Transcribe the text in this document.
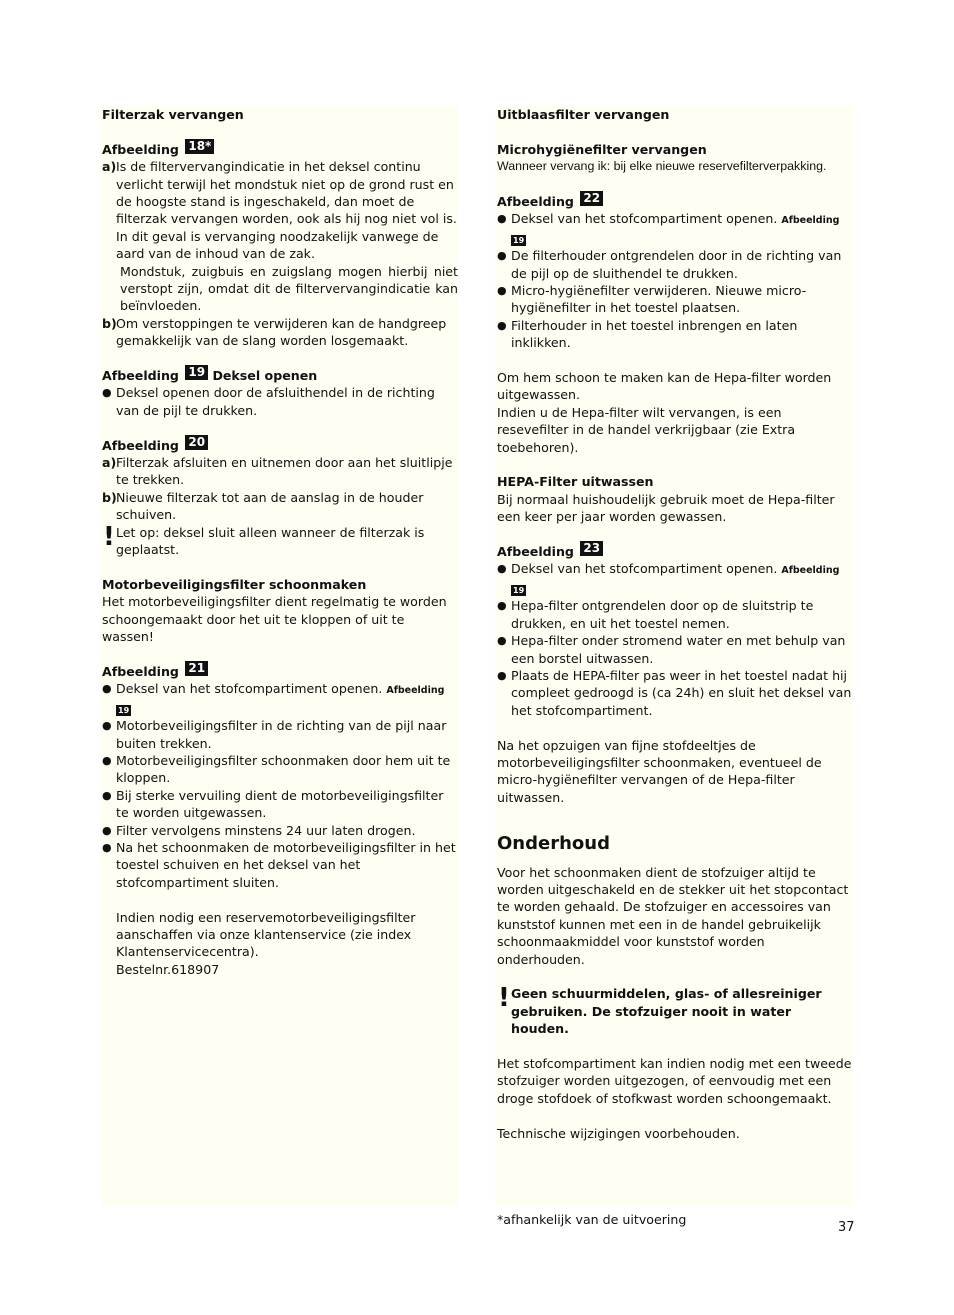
Filterzak vervangen

Afbeelding 18*

a) Is de filtervervangindicatie in het deksel continu verlicht terwijl het mondstuk niet op de grond rust en de hoogste stand is ingeschakeld, dan moet de filterzak vervangen worden, ook als hij nog niet vol is. In dit geval is vervanging noodzakelijk vanwege de aard van de inhoud van de zak.

Mondstuk, zuigbuis en zuigslang mogen hierbij niet verstopt zijn, omdat dit de filtervervangindicatie kan beïnvloeden.

b) Om verstoppingen te verwijderen kan de handgreep gemakkelijk van de slang worden losgemaakt.

Afbeelding 19 Deksel openen

● Deksel openen door de afsluithendel in de richting van de pijl te drukken.

Afbeelding 20

a) Filterzak afsluiten en uitnemen door aan het sluitlipje te trekken.
b) Nieuwe filterzak tot aan de aanslag in de houder schuiven.
! Let op: deksel sluit alleen wanneer de filterzak is geplaatst.

Motorbeveiligingsfilter schoonmaken

Het motorbeveiligingsfilter dient regelmatig te worden schoongemaakt door het uit te kloppen of uit te wassen!

Afbeelding 21

● Deksel van het stofcompartiment openen. Afbeelding
19
● Motorbeveiligingsfilter in de richting van de pijl naar buiten trekken.
● Motorbeveiligingsfilter schoonmaken door hem uit te kloppen.
● Bij sterke vervuiling dient de motorbeveiligingsfilter te worden uitgewassen.
● Filter vervolgens minstens 24 uur laten drogen.
● Na het schoonmaken de motorbeveiligingsfilter in het toestel schuiven en het deksel van het stofcompartiment sluiten.

Indien nodig een reservemotorbeveiligingsfilter aanschaffen via onze klantenservice (zie index Klantenservicecentra).

Bestelnr.618907

Uitblaasfilter vervangen

Microhygiënefilter vervangen

Wanneer vervang ik: bij elke nieuwe reservefilterverpakking.

Afbeelding 22

● Deksel van het stofcompartiment openen. Afbeelding
19
● De filterhouder ontgrendelen door in de richting van de pijl op de sluithendel te drukken.
● Micro-hygiënefilter verwijderen. Nieuwe micro-hygiënefilter in het toestel plaatsen.
● Filterhouder in het toestel inbrengen en laten inklikken.

Om hem schoon te maken kan de Hepa-filter worden uitgewassen.

Indien u de Hepa-filter wilt vervangen, is een resevefilter in de handel verkrijgbaar (zie Extra toebehoren).

HEPA-Filter uitwassen

Bij normaal huishoudelijk gebruik moet de Hepa-filter een keer per jaar worden gewassen.

Afbeelding 23

● Deksel van het stofcompartiment openen. Afbeelding
19
● Hepa-filter ontgrendelen door op de sluitstrip te drukken, en uit het toestel nemen.
● Hepa-filter onder stromend water en met behulp van een borstel uitwassen.
● Plaats de HEPA-filter pas weer in het toestel nadat hij compleet gedroogd is (ca 24h) en sluit het deksel van het stofcompartiment.

Na het opzuigen van fijne stofdeeltjes de motorbeveiligingsfilter schoonmaken, eventueel de micro-hygiënefilter vervangen of de Hepa-filter uitwassen.

Onderhoud

Voor het schoonmaken dient de stofzuiger altijd te worden uitgeschakeld en de stekker uit het stopcontact te worden gehaald. De stofzuiger en accessoires van kunststof kunnen met een in de handel gebruikelijk schoonmaakmiddel voor kunststof worden onderhouden.

! Geen schuurmiddelen, glas- of allesreiniger gebruiken. De stofzuiger nooit in water houden.

Het stofcompartiment kan indien nodig met een tweede stofzuiger worden uitgezogen, of eenvoudig met een droge stofdoek of stofkwast worden schoongemaakt.

Technische wijzigingen voorbehouden.

*afhankelijk van de uitvoering
37
